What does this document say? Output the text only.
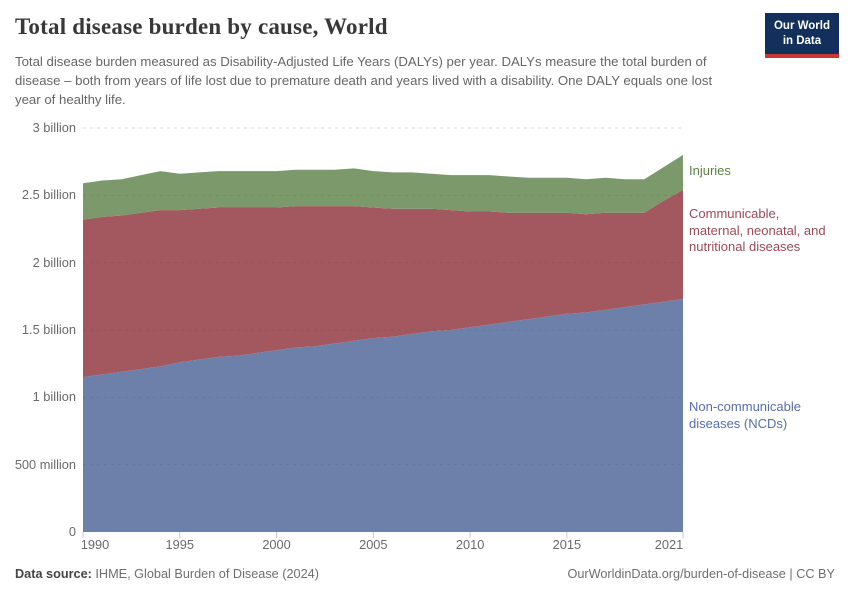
Total disease burden by cause, World	Our World
in Data

Total disease burden measured as Disability-Adjusted Life Years (DALYs) per year. DALYs measure the total burden of disease – both from years of life lost due to premature death and years lived with a disability. One DALY equals one lost year of healthy life.

Injuries
Communicable, maternal, neonatal, and nutritional diseases
Non-communicable diseases (NCDs)
0
500 million
1 billion
1.5 billion
2 billion
2.5 billion
3 billion
1990	1995	2000	2005	2010	2015	2021
Data source: IHME, Global Burden of Disease (2024)	OurWorldinData.org/burden-of-disease | CC BY
